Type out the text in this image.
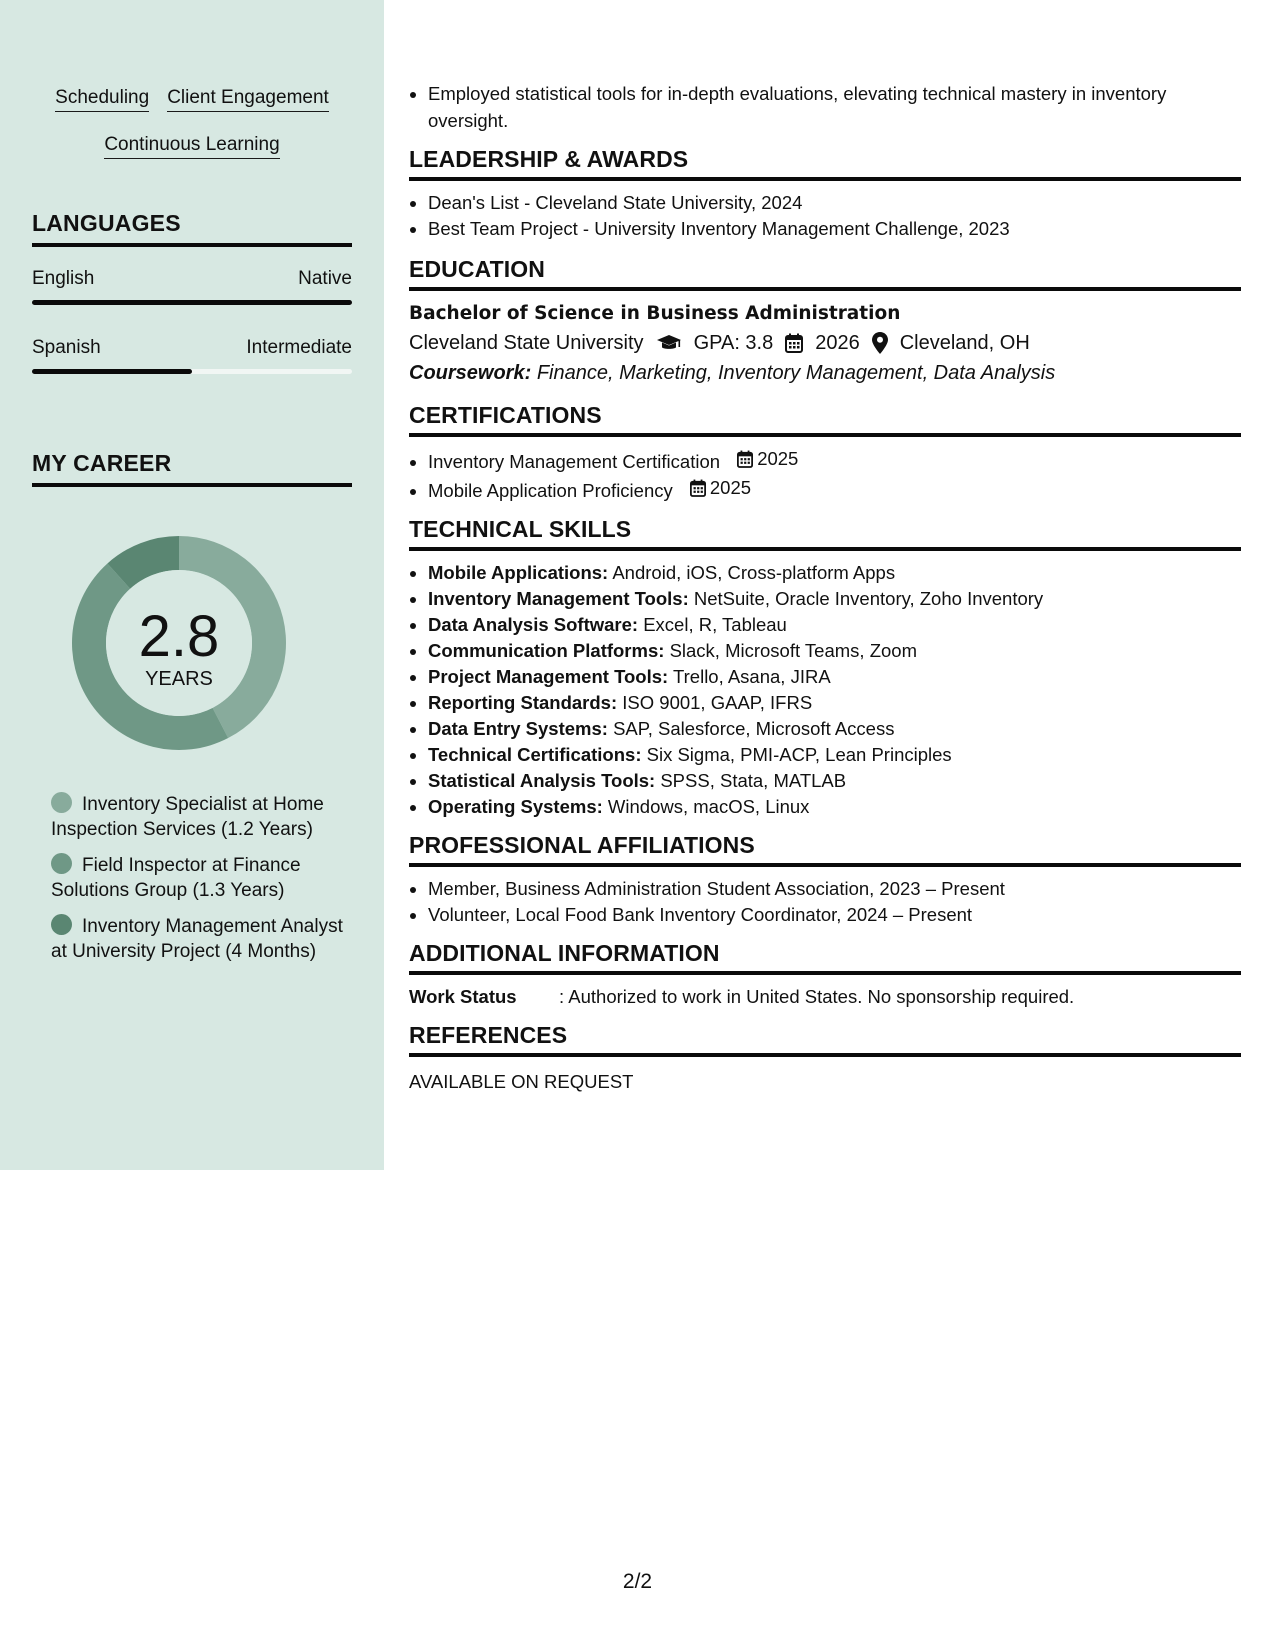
Scheduling Client Engagement
Continuous Learning
LANGUAGES
English	Native
Spanish	Intermediate
MY CAREER
2.8
YEARS
Inventory Specialist at Home Inspection Services (1.2 Years)
Field Inspector at Finance Solutions Group (1.3 Years)
Inventory Management Analyst at University Project (4 Months)
• Employed statistical tools for in-depth evaluations, elevating technical mastery in inventory oversight.
LEADERSHIP & AWARDS
• Dean's List - Cleveland State University, 2024
• Best Team Project - University Inventory Management Challenge, 2023
EDUCATION
Bachelor of Science in Business Administration
Cleveland State University	GPA: 3.8 2026 Cleveland, OH
Coursework: Finance, Marketing, Inventory Management, Data Analysis
CERTIFICATIONS
• Inventory Management Certification 2025
• Mobile Application Proficiency 2025
TECHNICAL SKILLS
• Mobile Applications: Android, iOS, Cross-platform Apps
• Inventory Management Tools: NetSuite, Oracle Inventory, Zoho Inventory
• Data Analysis Software: Excel, R, Tableau
• Communication Platforms: Slack, Microsoft Teams, Zoom
• Project Management Tools: Trello, Asana, JIRA
• Reporting Standards: ISO 9001, GAAP, IFRS
• Data Entry Systems: SAP, Salesforce, Microsoft Access
• Technical Certifications: Six Sigma, PMI-ACP, Lean Principles
• Statistical Analysis Tools: SPSS, Stata, MATLAB
• Operating Systems: Windows, macOS, Linux
PROFESSIONAL AFFILIATIONS
• Member, Business Administration Student Association, 2023 – Present
• Volunteer, Local Food Bank Inventory Coordinator, 2024 – Present
ADDITIONAL INFORMATION
Work Status	: Authorized to work in United States. No sponsorship required.
REFERENCES
AVAILABLE ON REQUEST
2/2
